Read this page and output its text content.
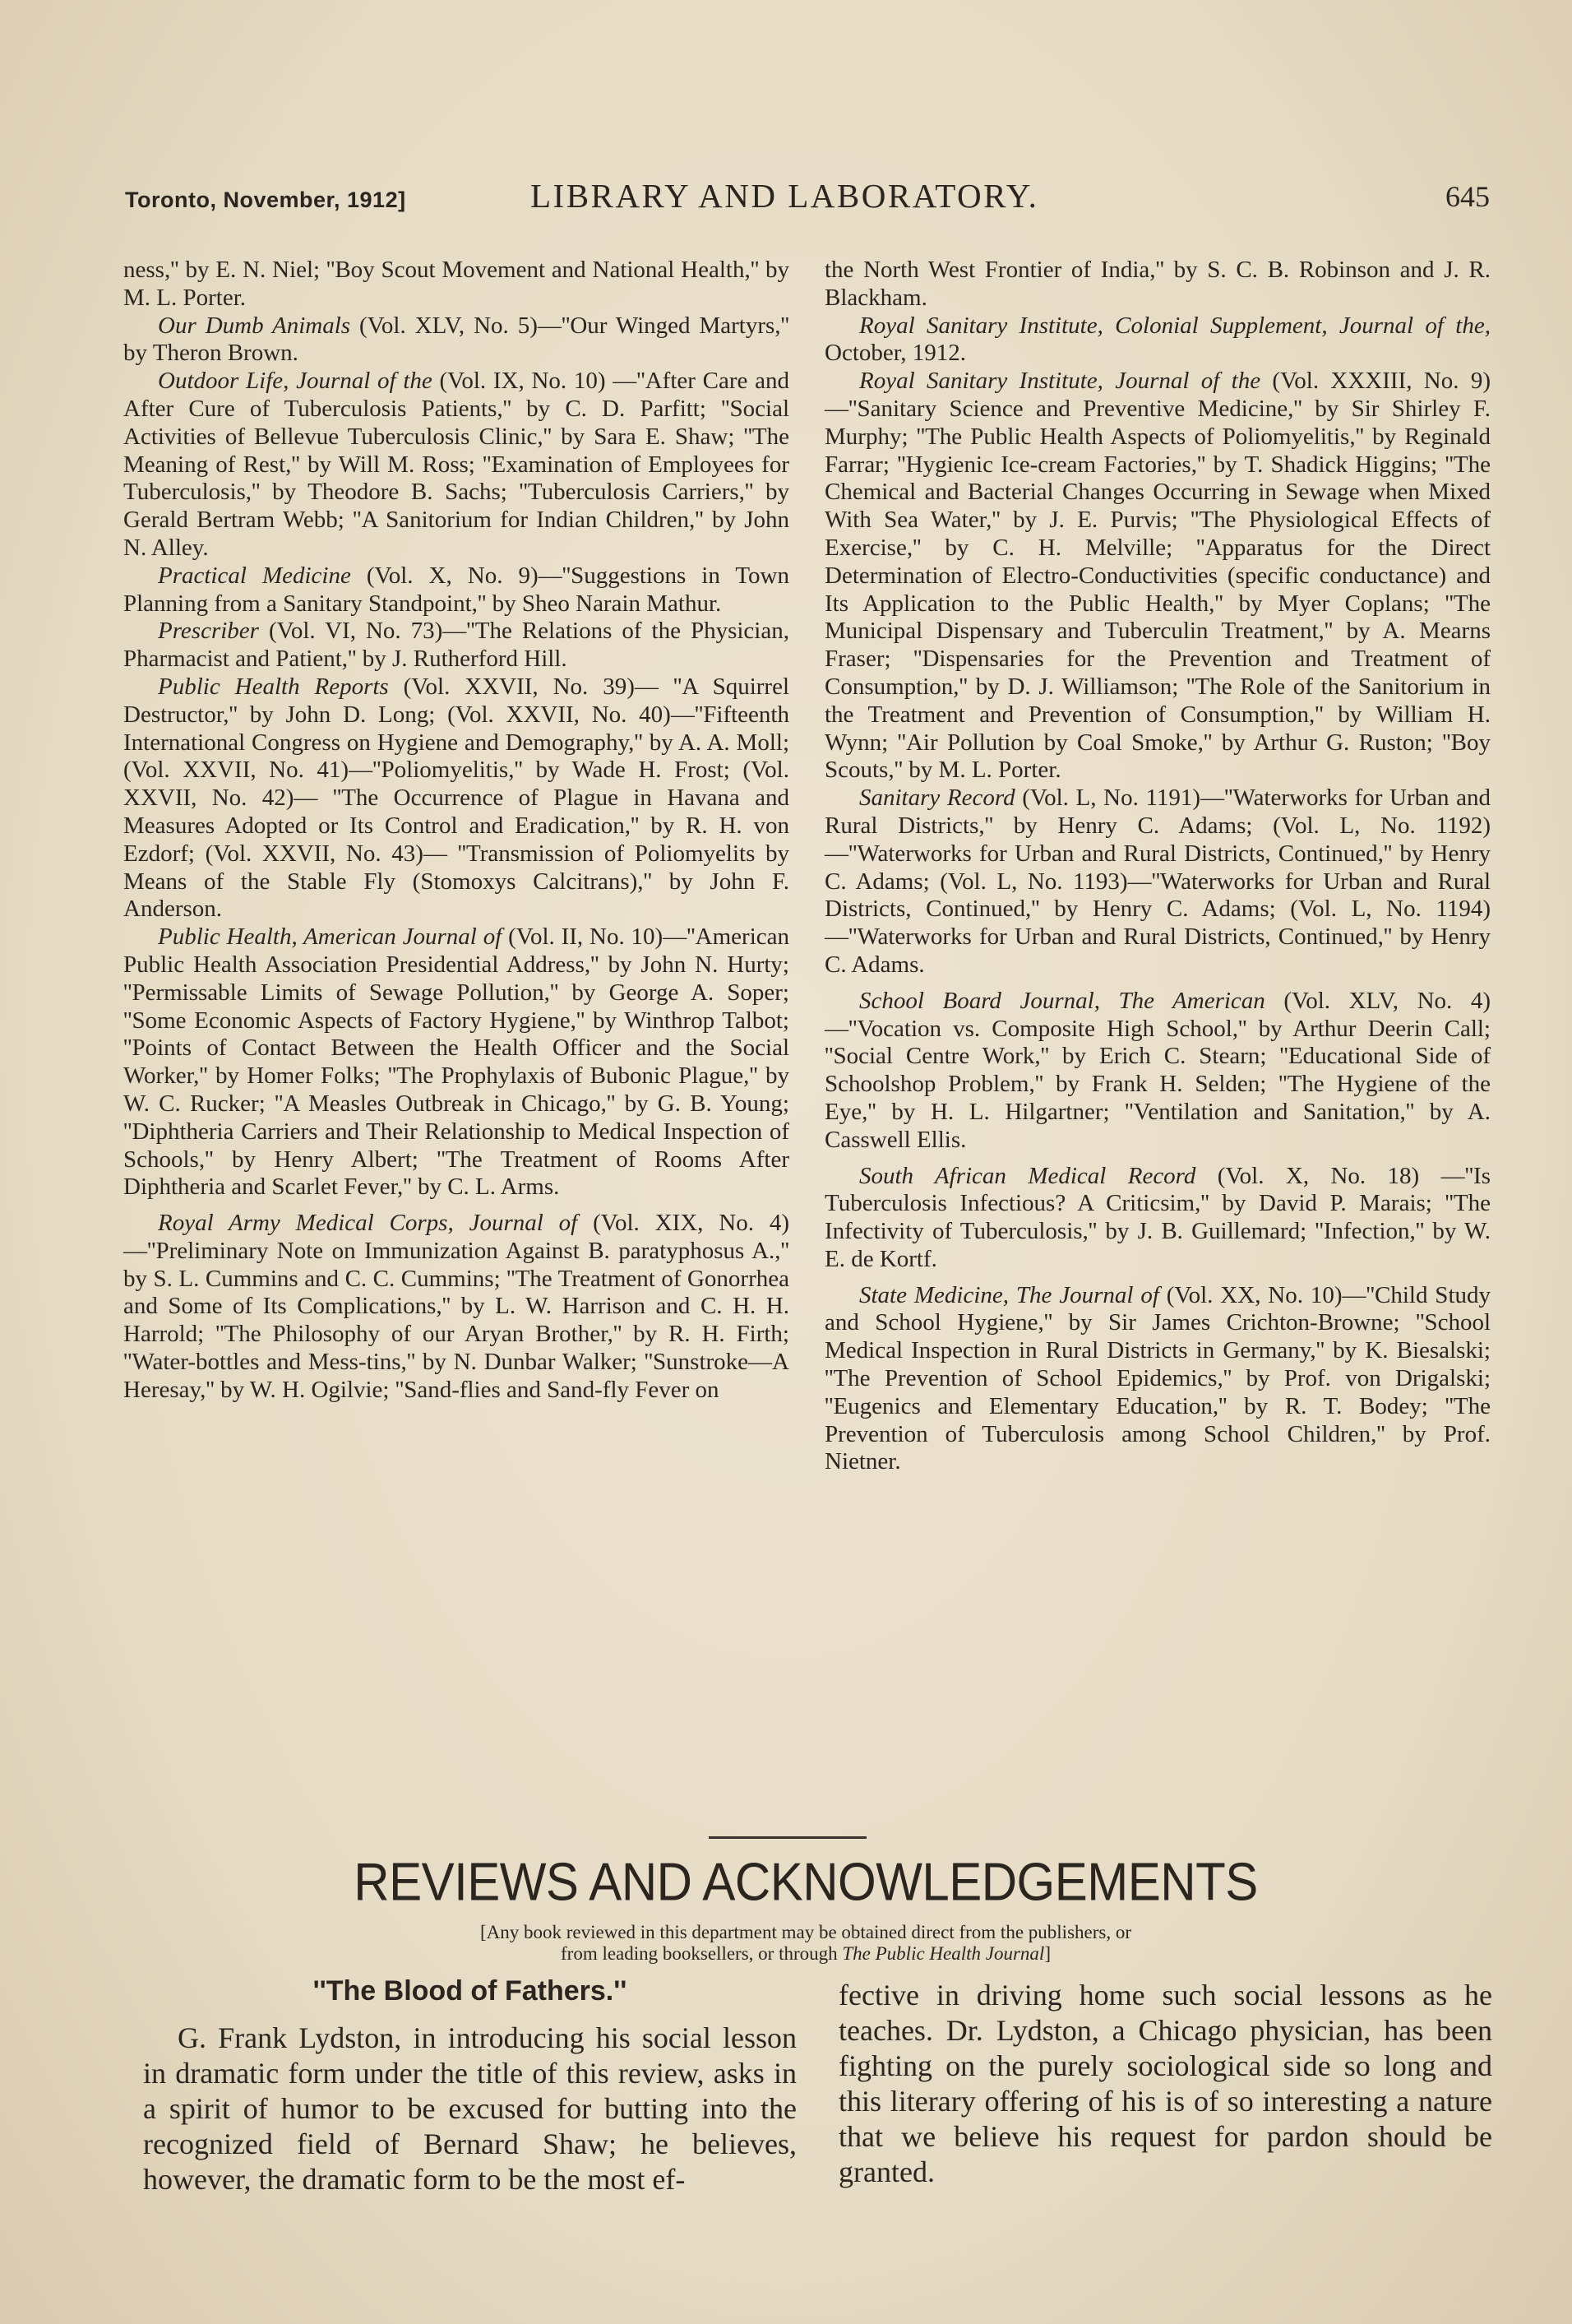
Toronto, November, 1912]	LIBRARY AND LABORATORY.	645

ness,'' by E. N. Niel; ''Boy Scout Movement and National Health,'' by M. L. Porter.

Our Dumb Animals (Vol. XLV, No. 5)—''Our Winged Martyrs,'' by Theron Brown.

Outdoor Life, Journal of the (Vol. IX, No. 10) —''After Care and After Cure of Tuberculosis Patients,'' by C. D. Parfitt; ''Social Activities of Bellevue Tuberculosis Clinic,'' by Sara E. Shaw; ''The Meaning of Rest,'' by Will M. Ross; ''Examination of Employees for Tuberculosis,'' by Theodore B. Sachs; ''Tuberculosis Carriers,'' by Gerald Bertram Webb; ''A Sanitorium for Indian Children,'' by John N. Alley.

Practical Medicine (Vol. X, No. 9)—''Suggestions in Town Planning from a Sanitary Standpoint,'' by Sheo Narain Mathur.

Prescriber (Vol. VI, No. 73)—''The Relations of the Physician, Pharmacist and Patient,'' by J. Rutherford Hill.

Public Health Reports (Vol. XXVII, No. 39)— ''A Squirrel Destructor,'' by John D. Long; (Vol. XXVII, No. 40)—''Fifteenth International Congress on Hygiene and Demography,'' by A. A. Moll; (Vol. XXVII, No. 41)—''Poliomyelitis,'' by Wade H. Frost; (Vol. XXVII, No. 42)— ''The Occurrence of Plague in Havana and Measures Adopted or Its Control and Eradication,'' by R. H. von Ezdorf; (Vol. XXVII, No. 43)— ''Transmission of Poliomyelits by Means of the Stable Fly (Stomoxys Calcitrans),'' by John F. Anderson.

Public Health, American Journal of (Vol. II, No. 10)—''American Public Health Association Presidential Address,'' by John N. Hurty; ''Permissable Limits of Sewage Pollution,'' by George A. Soper; ''Some Economic Aspects of Factory Hygiene,'' by Winthrop Talbot; ''Points of Contact Between the Health Officer and the Social Worker,'' by Homer Folks; ''The Prophylaxis of Bubonic Plague,'' by W. C. Rucker; ''A Measles Outbreak in Chicago,'' by G. B. Young; ''Diphtheria Carriers and Their Relationship to Medical Inspection of Schools,'' by Henry Albert; ''The Treatment of Rooms After Diphtheria and Scarlet Fever,'' by C. L. Arms.

Royal Army Medical Corps, Journal of (Vol. XIX, No. 4)—''Preliminary Note on Immunization Against B. paratyphosus A.,'' by S. L. Cummins and C. C. Cummins; ''The Treatment of Gonorrhea and Some of Its Complications,'' by L. W. Harrison and C. H. H. Harrold; ''The Philosophy of our Aryan Brother,'' by R. H. Firth; ''Water-bottles and Mess-tins,'' by N. Dunbar Walker; ''Sunstroke—A Heresay,'' by W. H. Ogilvie; ''Sand-flies and Sand-fly Fever on

the North West Frontier of India,'' by S. C. B. Robinson and J. R. Blackham.

Royal Sanitary Institute, Colonial Supplement, Journal of the, October, 1912.

Royal Sanitary Institute, Journal of the (Vol. XXXIII, No. 9)—''Sanitary Science and Preventive Medicine,'' by Sir Shirley F. Murphy; ''The Public Health Aspects of Poliomyelitis,'' by Reginald Farrar; ''Hygienic Ice-cream Factories,'' by T. Shadick Higgins; ''The Chemical and Bacterial Changes Occurring in Sewage when Mixed With Sea Water,'' by J. E. Purvis; ''The Physiological Effects of Exercise,'' by C. H. Melville; ''Apparatus for the Direct Determination of Electro-Conductivities (specific conductance) and Its Application to the Public Health,'' by Myer Coplans; ''The Municipal Dispensary and Tuberculin Treatment,'' by A. Mearns Fraser; ''Dispensaries for the Prevention and Treatment of Consumption,'' by D. J. Williamson; ''The Role of the Sanitorium in the Treatment and Prevention of Consumption,'' by William H. Wynn; ''Air Pollution by Coal Smoke,'' by Arthur G. Ruston; ''Boy Scouts,'' by M. L. Porter.

Sanitary Record (Vol. L, No. 1191)—''Waterworks for Urban and Rural Districts,'' by Henry C. Adams; (Vol. L, No. 1192)—''Waterworks for Urban and Rural Districts, Continued,'' by Henry C. Adams; (Vol. L, No. 1193)—''Waterworks for Urban and Rural Districts, Continued,'' by Henry C. Adams; (Vol. L, No. 1194)—''Waterworks for Urban and Rural Districts, Continued,'' by Henry C. Adams.

School Board Journal, The American (Vol. XLV, No. 4)—''Vocation vs. Composite High School,'' by Arthur Deerin Call; ''Social Centre Work,'' by Erich C. Stearn; ''Educational Side of Schoolshop Problem,'' by Frank H. Selden; ''The Hygiene of the Eye,'' by H. L. Hilgartner; ''Ventilation and Sanitation,'' by A. Casswell Ellis.

South African Medical Record (Vol. X, No. 18) —''Is Tuberculosis Infectious? A Criticsim,'' by David P. Marais; ''The Infectivity of Tuberculosis,'' by J. B. Guillemard; ''Infection,'' by W. E. de Kortf.

State Medicine, The Journal of (Vol. XX, No. 10)—''Child Study and School Hygiene,'' by Sir James Crichton-Browne; ''School Medical Inspection in Rural Districts in Germany,'' by K. Biesalski; ''The Prevention of School Epidemics,'' by Prof. von Drigalski; ''Eugenics and Elementary Education,'' by R. T. Bodey; ''The Prevention of Tuberculosis among School Children,'' by Prof. Nietner.

REVIEWS AND ACKNOWLEDGEMENTS
[Any book reviewed in this department may be obtained direct from the publishers, or
from leading booksellers, or through The Public Health Journal]

''The Blood of Fathers.''

G. Frank Lydston, in introducing his social lesson in dramatic form under the title of this review, asks in a spirit of humor to be excused for butting into the recognized field of Bernard Shaw; he believes, however, the dramatic form to be the most ef-

fective in driving home such social lessons as he teaches. Dr. Lydston, a Chicago physician, has been fighting on the purely sociological side so long and this literary offering of his is of so interesting a nature that we believe his request for pardon should be granted.
